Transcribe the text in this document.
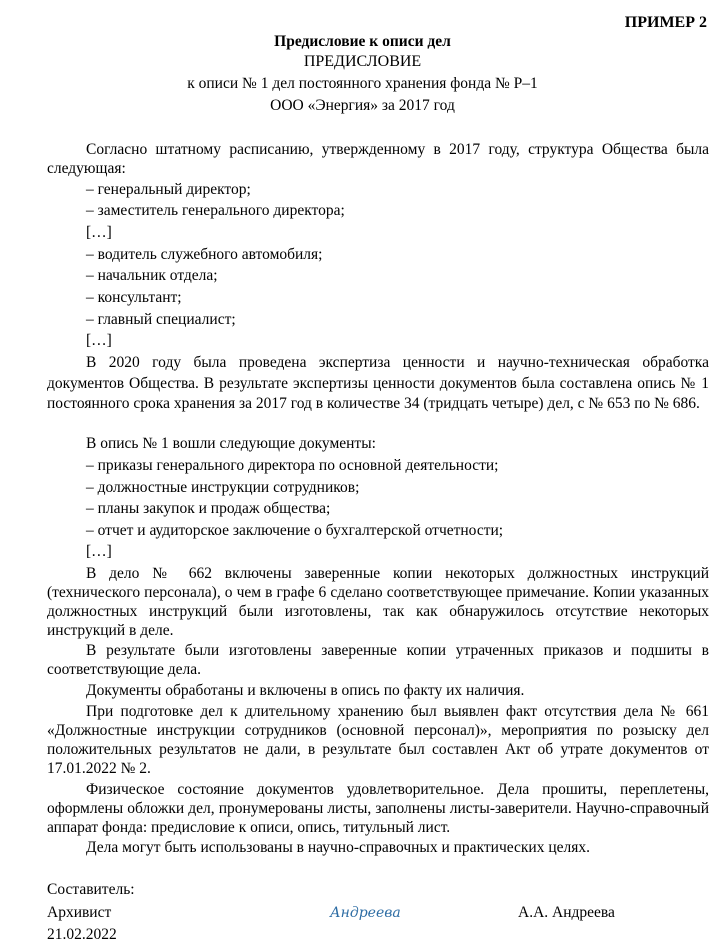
ПРИМЕР 2
Предисловие к описи дел
ПРЕДИСЛОВИЕ
к описи № 1 дел постоянного хранения фонда № Р–1
ООО «Энергия» за 2017 год
Согласно штатному расписанию, утвержденному в 2017 году, структура Общества была следующая:
– генеральный директор;
– заместитель генерального директора;
[…]
– водитель служебного автомобиля;
– начальник отдела;
– консультант;
– главный специалист;
[…]
В 2020 году была проведена экспертиза ценности и научно-техническая обработка документов Общества. В результате экспертизы ценности документов была составлена опись № 1 постоянного срока хранения за 2017 год в количестве 34 (тридцать четыре) дел, с № 653 по № 686.
В опись № 1 вошли следующие документы:
– приказы генерального директора по основной деятельности;
– должностные инструкции сотрудников;
– планы закупок и продаж общества;
– отчет и аудиторское заключение о бухгалтерской отчетности;
[…]
В дело № 662 включены заверенные копии некоторых должностных инструкций (технического персонала), о чем в графе 6 сделано соответствующее примечание. Копии указанных должностных инструкций были изготовлены, так как обнаружилось отсутствие некоторых инструкций в деле.
В результате были изготовлены заверенные копии утраченных приказов и подшиты в соответствующие дела.
Документы обработаны и включены в опись по факту их наличия.
При подготовке дел к длительному хранению был выявлен факт отсутствия дела № 661 «Должностные инструкции сотрудников (основной персонал)», мероприятия по розыску дел положительных результатов не дали, в результате был составлен Акт об утрате документов от 17.01.2022 № 2.
Физическое состояние документов удовлетворительное. Дела прошиты, переплетены, оформлены обложки дел, пронумерованы листы, заполнены листы-заверители. Научно-справочный аппарат фонда: предисловие к описи, опись, титульный лист.
Дела могут быть использованы в научно-справочных и практических целях.
Составитель:
Архивист	Андреева	А.А. Андреева
21.02.2022
